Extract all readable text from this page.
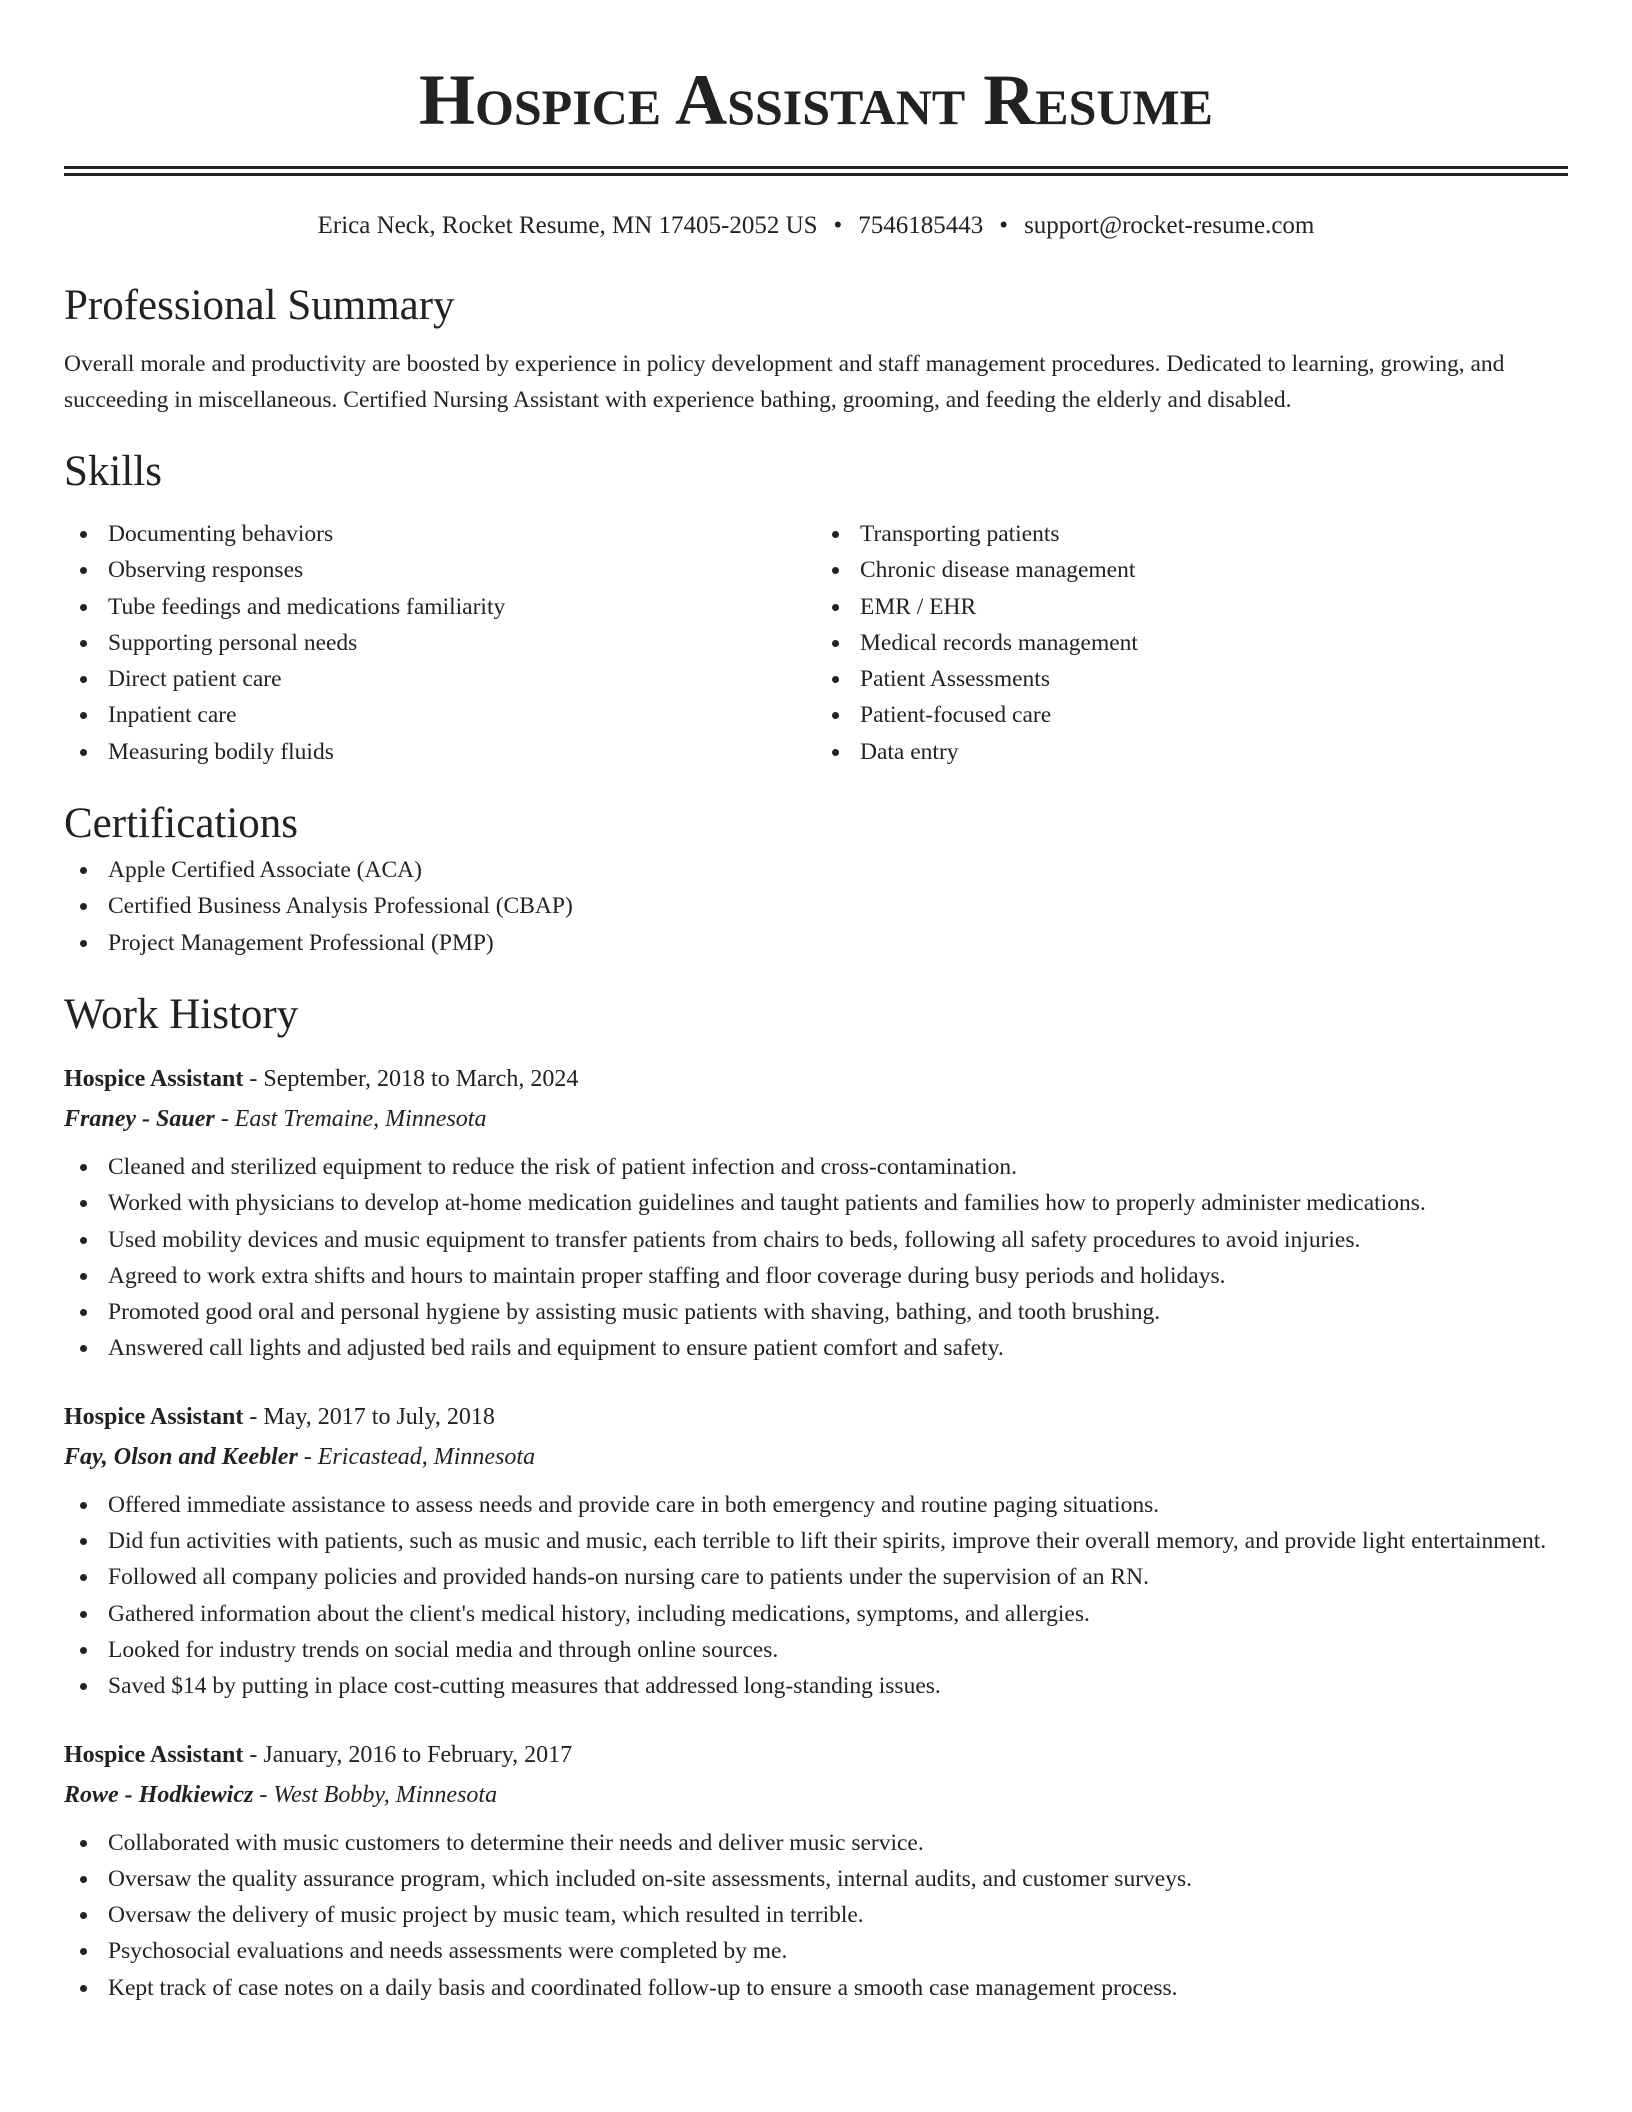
Hospice Assistant Resume
Erica Neck, Rocket Resume, MN 17405-2052 US • 7546185443 • support@rocket-resume.com
Professional Summary

Overall morale and productivity are boosted by experience in policy development and staff management procedures. Dedicated to learning, growing, and succeeding in miscellaneous. Certified Nursing Assistant with experience bathing, grooming, and feeding the elderly and disabled.

Skills
Documenting behaviors
Observing responses
Tube feedings and medications familiarity
Supporting personal needs
Direct patient care
Inpatient care
Measuring bodily fluids
Transporting patients
Chronic disease management
EMR / EHR
Medical records management
Patient Assessments
Patient-focused care
Data entry
Certifications
Apple Certified Associate (ACA)
Certified Business Analysis Professional (CBAP)
Project Management Professional (PMP)
Work History
Hospice Assistant - September, 2018 to March, 2024
Franey - Sauer - East Tremaine, Minnesota
Cleaned and sterilized equipment to reduce the risk of patient infection and cross-contamination.
Worked with physicians to develop at-home medication guidelines and taught patients and families how to properly administer medications.
Used mobility devices and music equipment to transfer patients from chairs to beds, following all safety procedures to avoid injuries.
Agreed to work extra shifts and hours to maintain proper staffing and floor coverage during busy periods and holidays.
Promoted good oral and personal hygiene by assisting music patients with shaving, bathing, and tooth brushing.
Answered call lights and adjusted bed rails and equipment to ensure patient comfort and safety.
Hospice Assistant - May, 2017 to July, 2018
Fay, Olson and Keebler - Ericastead, Minnesota
Offered immediate assistance to assess needs and provide care in both emergency and routine paging situations.
Did fun activities with patients, such as music and music, each terrible to lift their spirits, improve their overall memory, and provide light entertainment.
Followed all company policies and provided hands-on nursing care to patients under the supervision of an RN.
Gathered information about the client's medical history, including medications, symptoms, and allergies.
Looked for industry trends on social media and through online sources.
Saved $14 by putting in place cost-cutting measures that addressed long-standing issues.
Hospice Assistant - January, 2016 to February, 2017
Rowe - Hodkiewicz - West Bobby, Minnesota
Collaborated with music customers to determine their needs and deliver music service.
Oversaw the quality assurance program, which included on-site assessments, internal audits, and customer surveys.
Oversaw the delivery of music project by music team, which resulted in terrible.
Psychosocial evaluations and needs assessments were completed by me.
Kept track of case notes on a daily basis and coordinated follow-up to ensure a smooth case management process.
